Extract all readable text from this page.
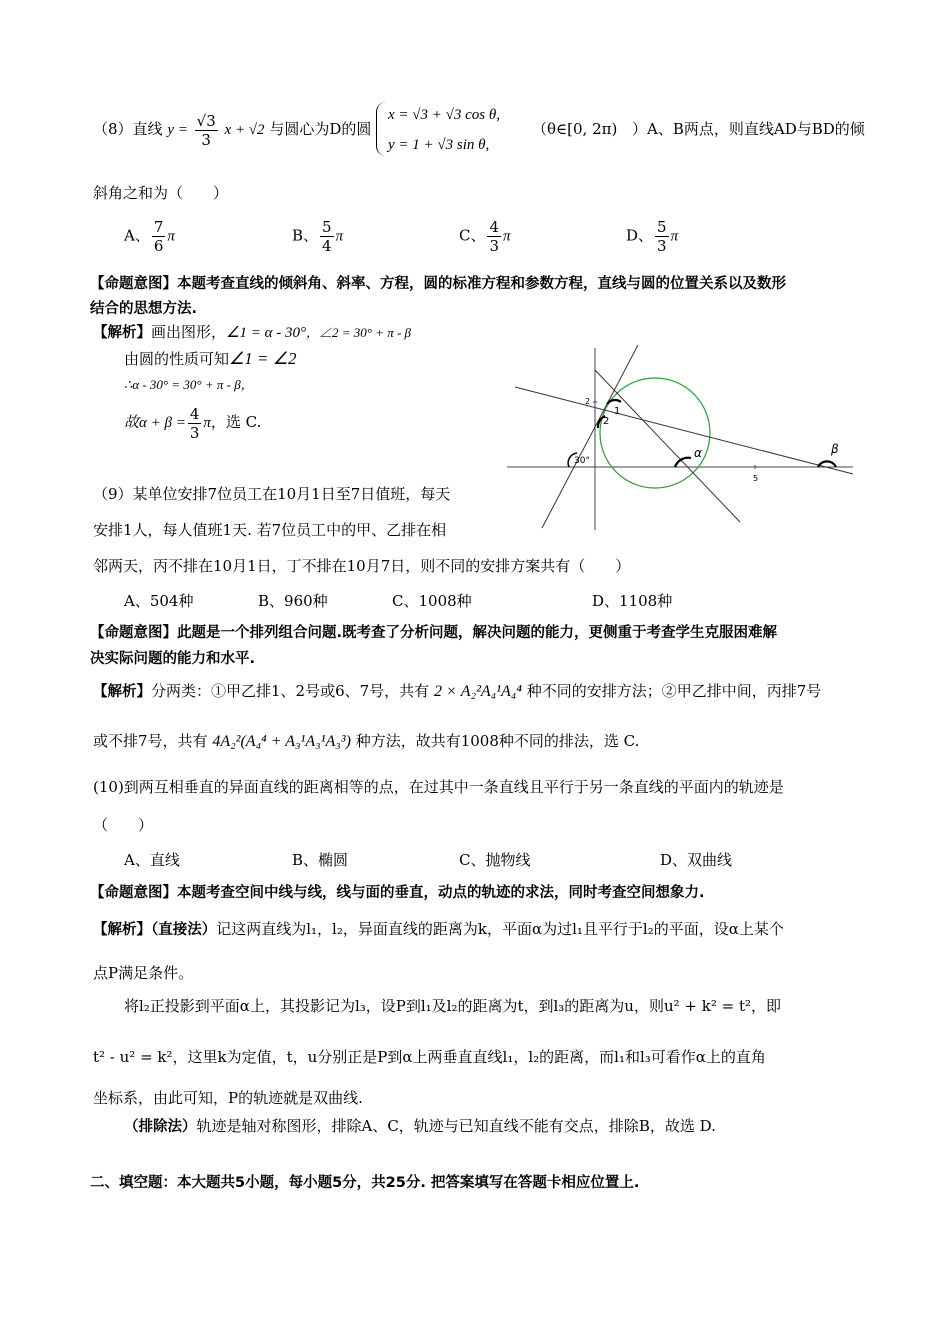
（8）直线 $y = \frac{√3}{3}$ x + √2 与圆心为D的圆
x = √3 + √3 cos θ,
y = 1 + √3 sin θ,
（θ∈[0, 2π) ）A、B两点，则直线AD与BD的倾
斜角之和为（　　）
A、 $\frac{7}{6}$ π	B、 $\frac{5}{4}$ π	C、 $\frac{4}{3}$ π	D、 $\frac{5}{3}$ π
【命题意图】本题考查直线的倾斜角、斜率、方程，圆的标准方程和参数方程，直线与圆的位置关系以及数形
结合的思想方法.
【解析】画出图形，∠1 = α - 30°，∠2 = 30° + π - β
由圆的性质可知∠1 = ∠2
∴α - 30° = 30° + π - β，
故$\alpha + \beta = \frac{4}{3}$ π，选 C.
1
2
α	β
30°
2
5
（9）某单位安排7位员工在10月1日至7日值班，每天
安排1人，每人值班1天. 若7位员工中的甲、乙排在相
邻两天，丙不排在10月1日，丁不排在10月7日，则不同的安排方案共有（　　）
A、504种	B、960种	C、1008种	D、1108种
【命题意图】此题是一个排列组合问题.既考查了分析问题，解决问题的能力，更侧重于考查学生克服困难解
决实际问题的能力和水平.
【解析】分两类：①甲乙排1、2号或6、7号，共有 2 × A₂²A₄¹A₄⁴ 种不同的安排方法；②甲乙排中间，丙排7号
或不排7号，共有 4A₂²(A₄⁴ + A₃¹A₃¹A₃³) 种方法，故共有1008种不同的排法，选 C.
(10)到两互相垂直的异面直线的距离相等的点，在过其中一条直线且平行于另一条直线的平面内的轨迹是
（　　）
A、直线	B、椭圆	C、抛物线	D、双曲线
【命题意图】本题考查空间中线与线，线与面的垂直，动点的轨迹的求法，同时考查空间想象力.
【解析】（直接法）记这两直线为l₁，l₂，异面直线的距离为k，平面α为过l₁且平行于l₂的平面，设α上某个
点P满足条件。
将l₂正投影到平面α上，其投影记为l₃，设P到l₁及l₂的距离为t，到l₃的距离为u，则u² + k² = t²，即
t² - u² = k²，这里k为定值，t，u分别正是P到α上两垂直直线l₁，l₂的距离，而l₁和l₃可看作α上的直角
坐标系，由此可知，P的轨迹就是双曲线.
（排除法）轨迹是轴对称图形，排除A、C，轨迹与已知直线不能有交点，排除B，故选 D.
二、填空题：本大题共5小题，每小题5分，共25分. 把答案填写在答题卡相应位置上.
